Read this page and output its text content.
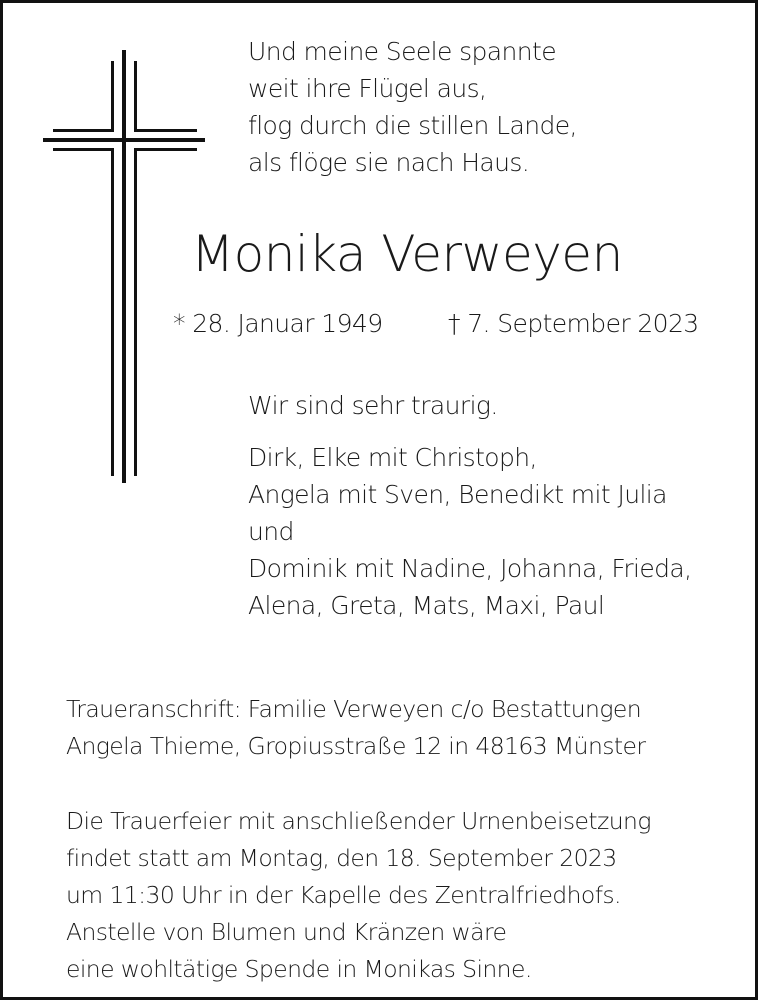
Und meine Seele spannte
weit ihre Flügel aus,
flog durch die stillen Lande,
als flöge sie nach Haus.
Monika Verweyen
* 28. Januar 1949	† 7. September 2023
Wir sind sehr traurig.
Dirk, Elke mit Christoph,
Angela mit Sven, Benedikt mit Julia
und
Dominik mit Nadine, Johanna, Frieda,
Alena, Greta, Mats, Maxi, Paul
Traueranschrift: Familie Verweyen c/o Bestattungen
Angela Thieme, Gropiusstraße 12 in 48163 Münster
Die Trauerfeier mit anschließender Urnenbeisetzung
findet statt am Montag, den 18. September 2023
um 11:30 Uhr in der Kapelle des Zentralfriedhofs.
Anstelle von Blumen und Kränzen wäre
eine wohltätige Spende in Monikas Sinne.
